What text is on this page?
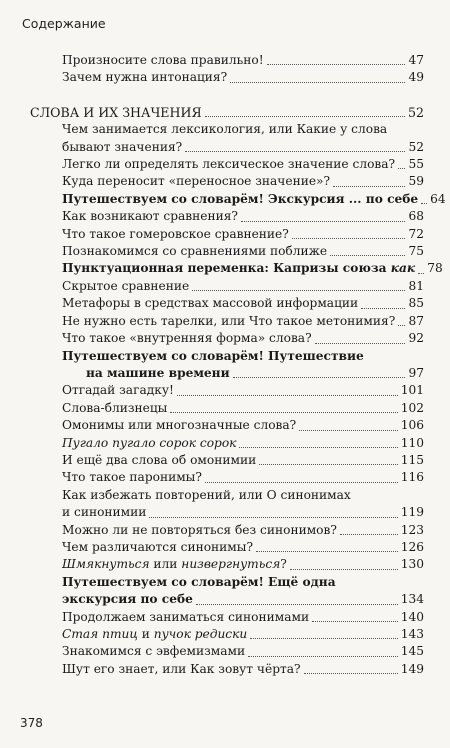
Содержание
Произносите слова правильно!	47
Зачем нужна интонация?	49
СЛОВА И ИХ ЗНАЧЕНИЯ	52
Чем занимается лексикология, или Какие у слова
бывают значения?	52
Легко ли определять лексическое значение слова? 55
Куда переносит «переносное значение»?	59
Путешествуем со словарём! Экскурсия ... по себе 64
Как возникают сравнения?	68
Что такое гомеровское сравнение?	72
Познакомимся со сравнениями поближе	75
Пунктуационная переменка: Капризы союза как 78
Скрытое сравнение	81
Метафоры в средствах массовой информации	85
Не нужно есть тарелки, или Что такое метонимия? 87
Что такое «внутренняя форма» слова?	92
Путешествуем со словарём! Путешествие
на машине времени	97
Отгадай загадку!	101
Слова-близнецы	102
Омонимы или многозначные слова?	106
Пугало пугало сорок сорок	110
И ещё два слова об омонимии	115
Что такое паронимы?	116
Как избежать повторений, или О синонимах
и синонимии	119
Можно ли не повторяться без синонимов?	123
Чем различаются синонимы?	126
Шмякнуться или низвергнуться?	130
Путешествуем со словарём! Ещё одна
экскурсия по себе	134
Продолжаем заниматься синонимами	140
Стая птиц и пучок редиски	143
Знакомимся с эвфемизмами	145
Шут его знает, или Как зовут чёрта?	149
378
